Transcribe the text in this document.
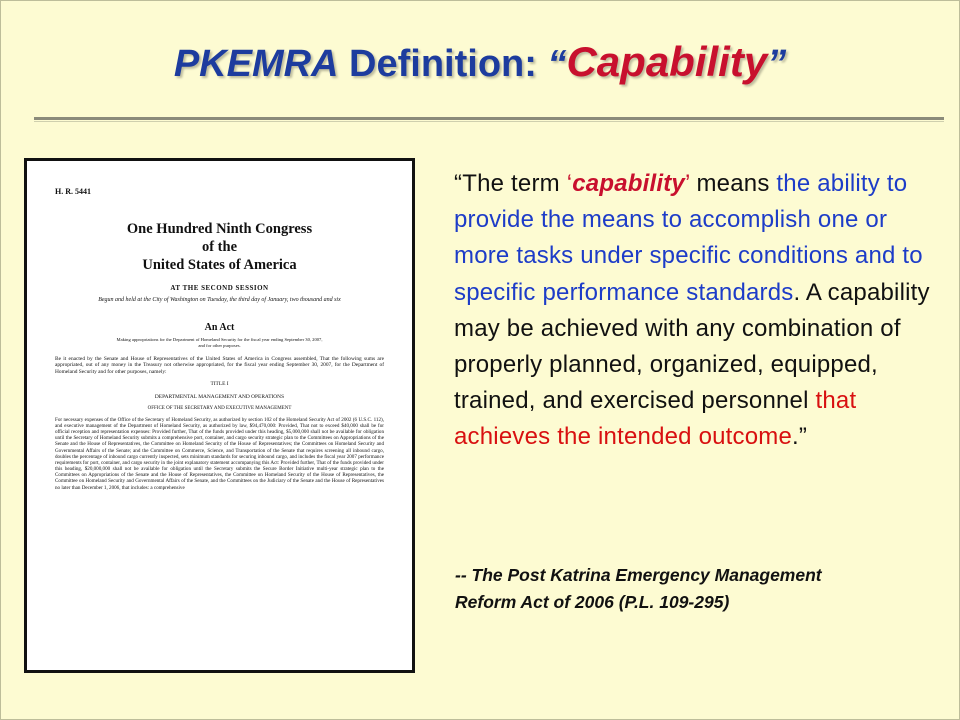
PKEMRA Definition: “Capability”
H. R. 5441
One Hundred Ninth Congress
of the
United States of America
AT THE SECOND SESSION
Begun and held at the City of Washington on Tuesday, the third day of January, two thousand and six
An Act
Making appropriations for the Department of Homeland Security for the fiscal year ending September 30, 2007, and for other purposes.
Be it enacted by the Senate and House of Representatives of the United States of America in Congress assembled, That the following sums are appropriated, out of any money in the Treasury not otherwise appropriated, for the fiscal year ending September 30, 2007, for the Department of Homeland Security and for other purposes, namely:
TITLE I
DEPARTMENTAL MANAGEMENT AND OPERATIONS
OFFICE OF THE SECRETARY AND EXECUTIVE MANAGEMENT
For necessary expenses of the Office of the Secretary of Homeland Security, as authorized by section 102 of the Homeland Security Act of 2002 (6 U.S.C. 112), and executive management of the Department of Homeland Security, as authorized by law, $94,470,000: Provided, That not to exceed $40,000 shall be for official reception and representation expenses: Provided further, That of the funds provided under this heading, $5,000,000 shall not be available for obligation until the Secretary of Homeland Security submits a comprehensive port, container, and cargo security strategic plan to the Committees on Appropriations of the Senate and the House of Representatives, the Committee on Homeland Security of the House of Representatives; the Committees on Homeland Security and Governmental Affairs of the Senate; and the Committee on Commerce, Science, and Transportation of the Senate that requires screening all inbound cargo, doubles the percentage of inbound cargo currently inspected, sets minimum standards for securing inbound cargo, and includes the fiscal year 2007 performance requirements for port, container, and cargo security in the joint explanatory statement accompanying this Act: Provided further, That of the funds provided under this heading, $20,000,000 shall not be available for obligation until the Secretary submits the Secure Border Initiative multi-year strategic plan to the Committees on Appropriations of the Senate and the House of Representatives, the Committee on Homeland Security of the House of Representatives, the Committee on Homeland Security and Governmental Affairs of the Senate, and the Committees on the Judiciary of the Senate and the House of Representatives no later than December 1, 2006, that includes: a comprehensive
“The term ‘capability’ means the ability to provide the means to accomplish one or more tasks under specific conditions and to specific performance standards. A capability may be achieved with any combination of properly planned, organized, equipped, trained, and exercised personnel that achieves the intended outcome.”
-- The Post Katrina Emergency Management Reform Act of 2006 (P.L. 109-295)
